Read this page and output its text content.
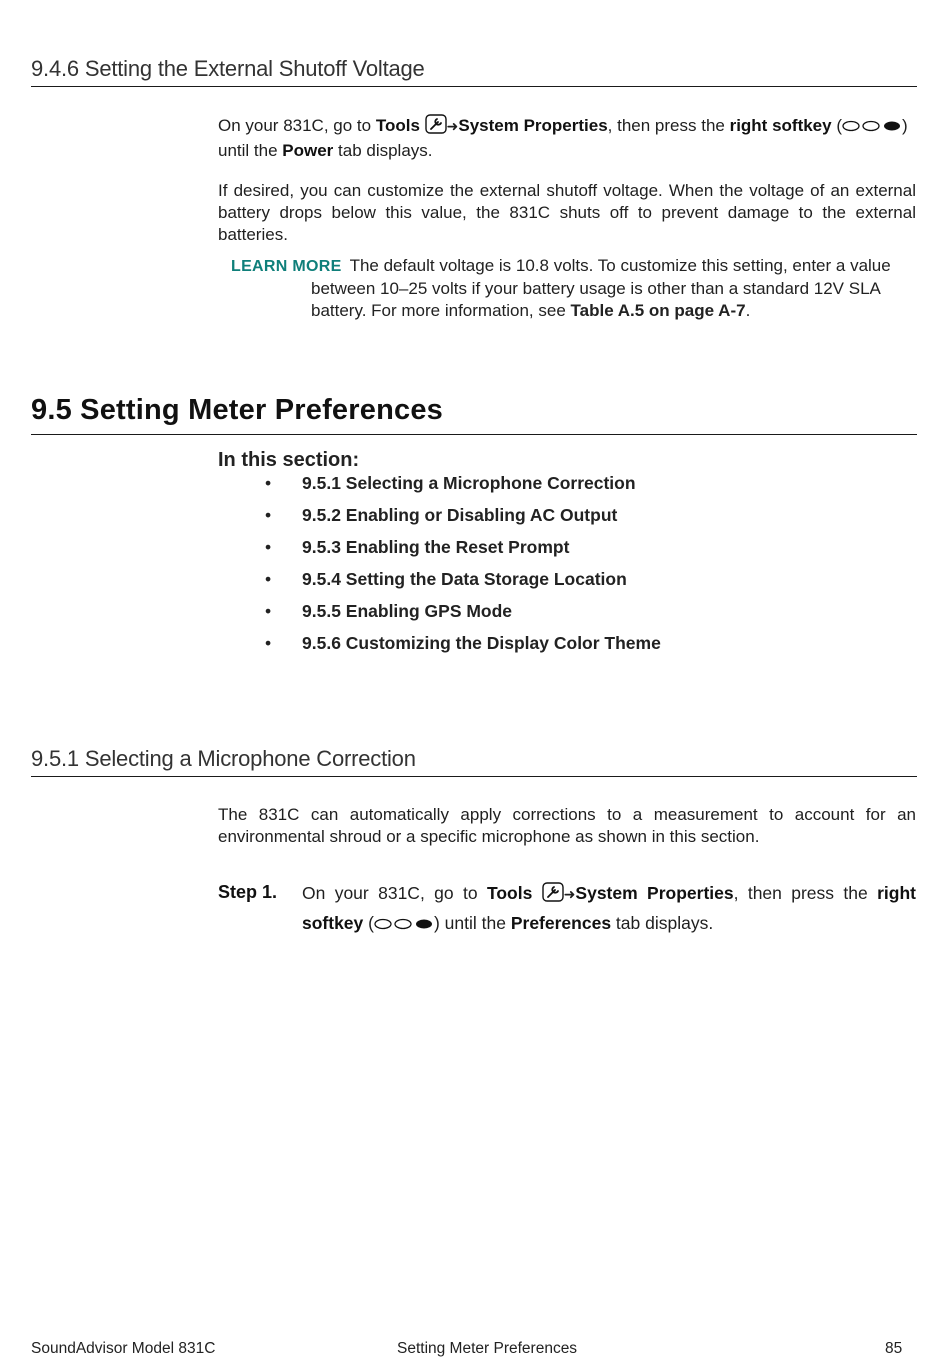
9.4.6 Setting the External Shutoff Voltage
On your 831C, go to Tools ➜System Properties, then press the right softkey (	)
until the Power tab displays.
If desired, you can customize the external shutoff voltage. When the voltage of an external battery drops below this value, the 831C shuts off to prevent damage to the external batteries.
LEARN MORE The default voltage is 10.8 volts. To customize this setting, enter a value
between 10–25 volts if your battery usage is other than a standard 12V SLA
battery. For more information, see Table A.5 on page A-7.
9.5 Setting Meter Preferences
In this section:
• 9.5.1 Selecting a Microphone Correction
• 9.5.2 Enabling or Disabling AC Output
• 9.5.3 Enabling the Reset Prompt
• 9.5.4 Setting the Data Storage Location
• 9.5.5 Enabling GPS Mode
• 9.5.6 Customizing the Display Color Theme
9.5.1 Selecting a Microphone Correction
The 831C can automatically apply corrections to a measurement to account for an environmental shroud or a specific microphone as shown in this section.
Step 1. On your 831C, go to Tools ➜System Properties, then press the right softkey (	) until the Preferences tab displays.
SoundAdvisor Model 831C	Setting Meter Preferences	85
